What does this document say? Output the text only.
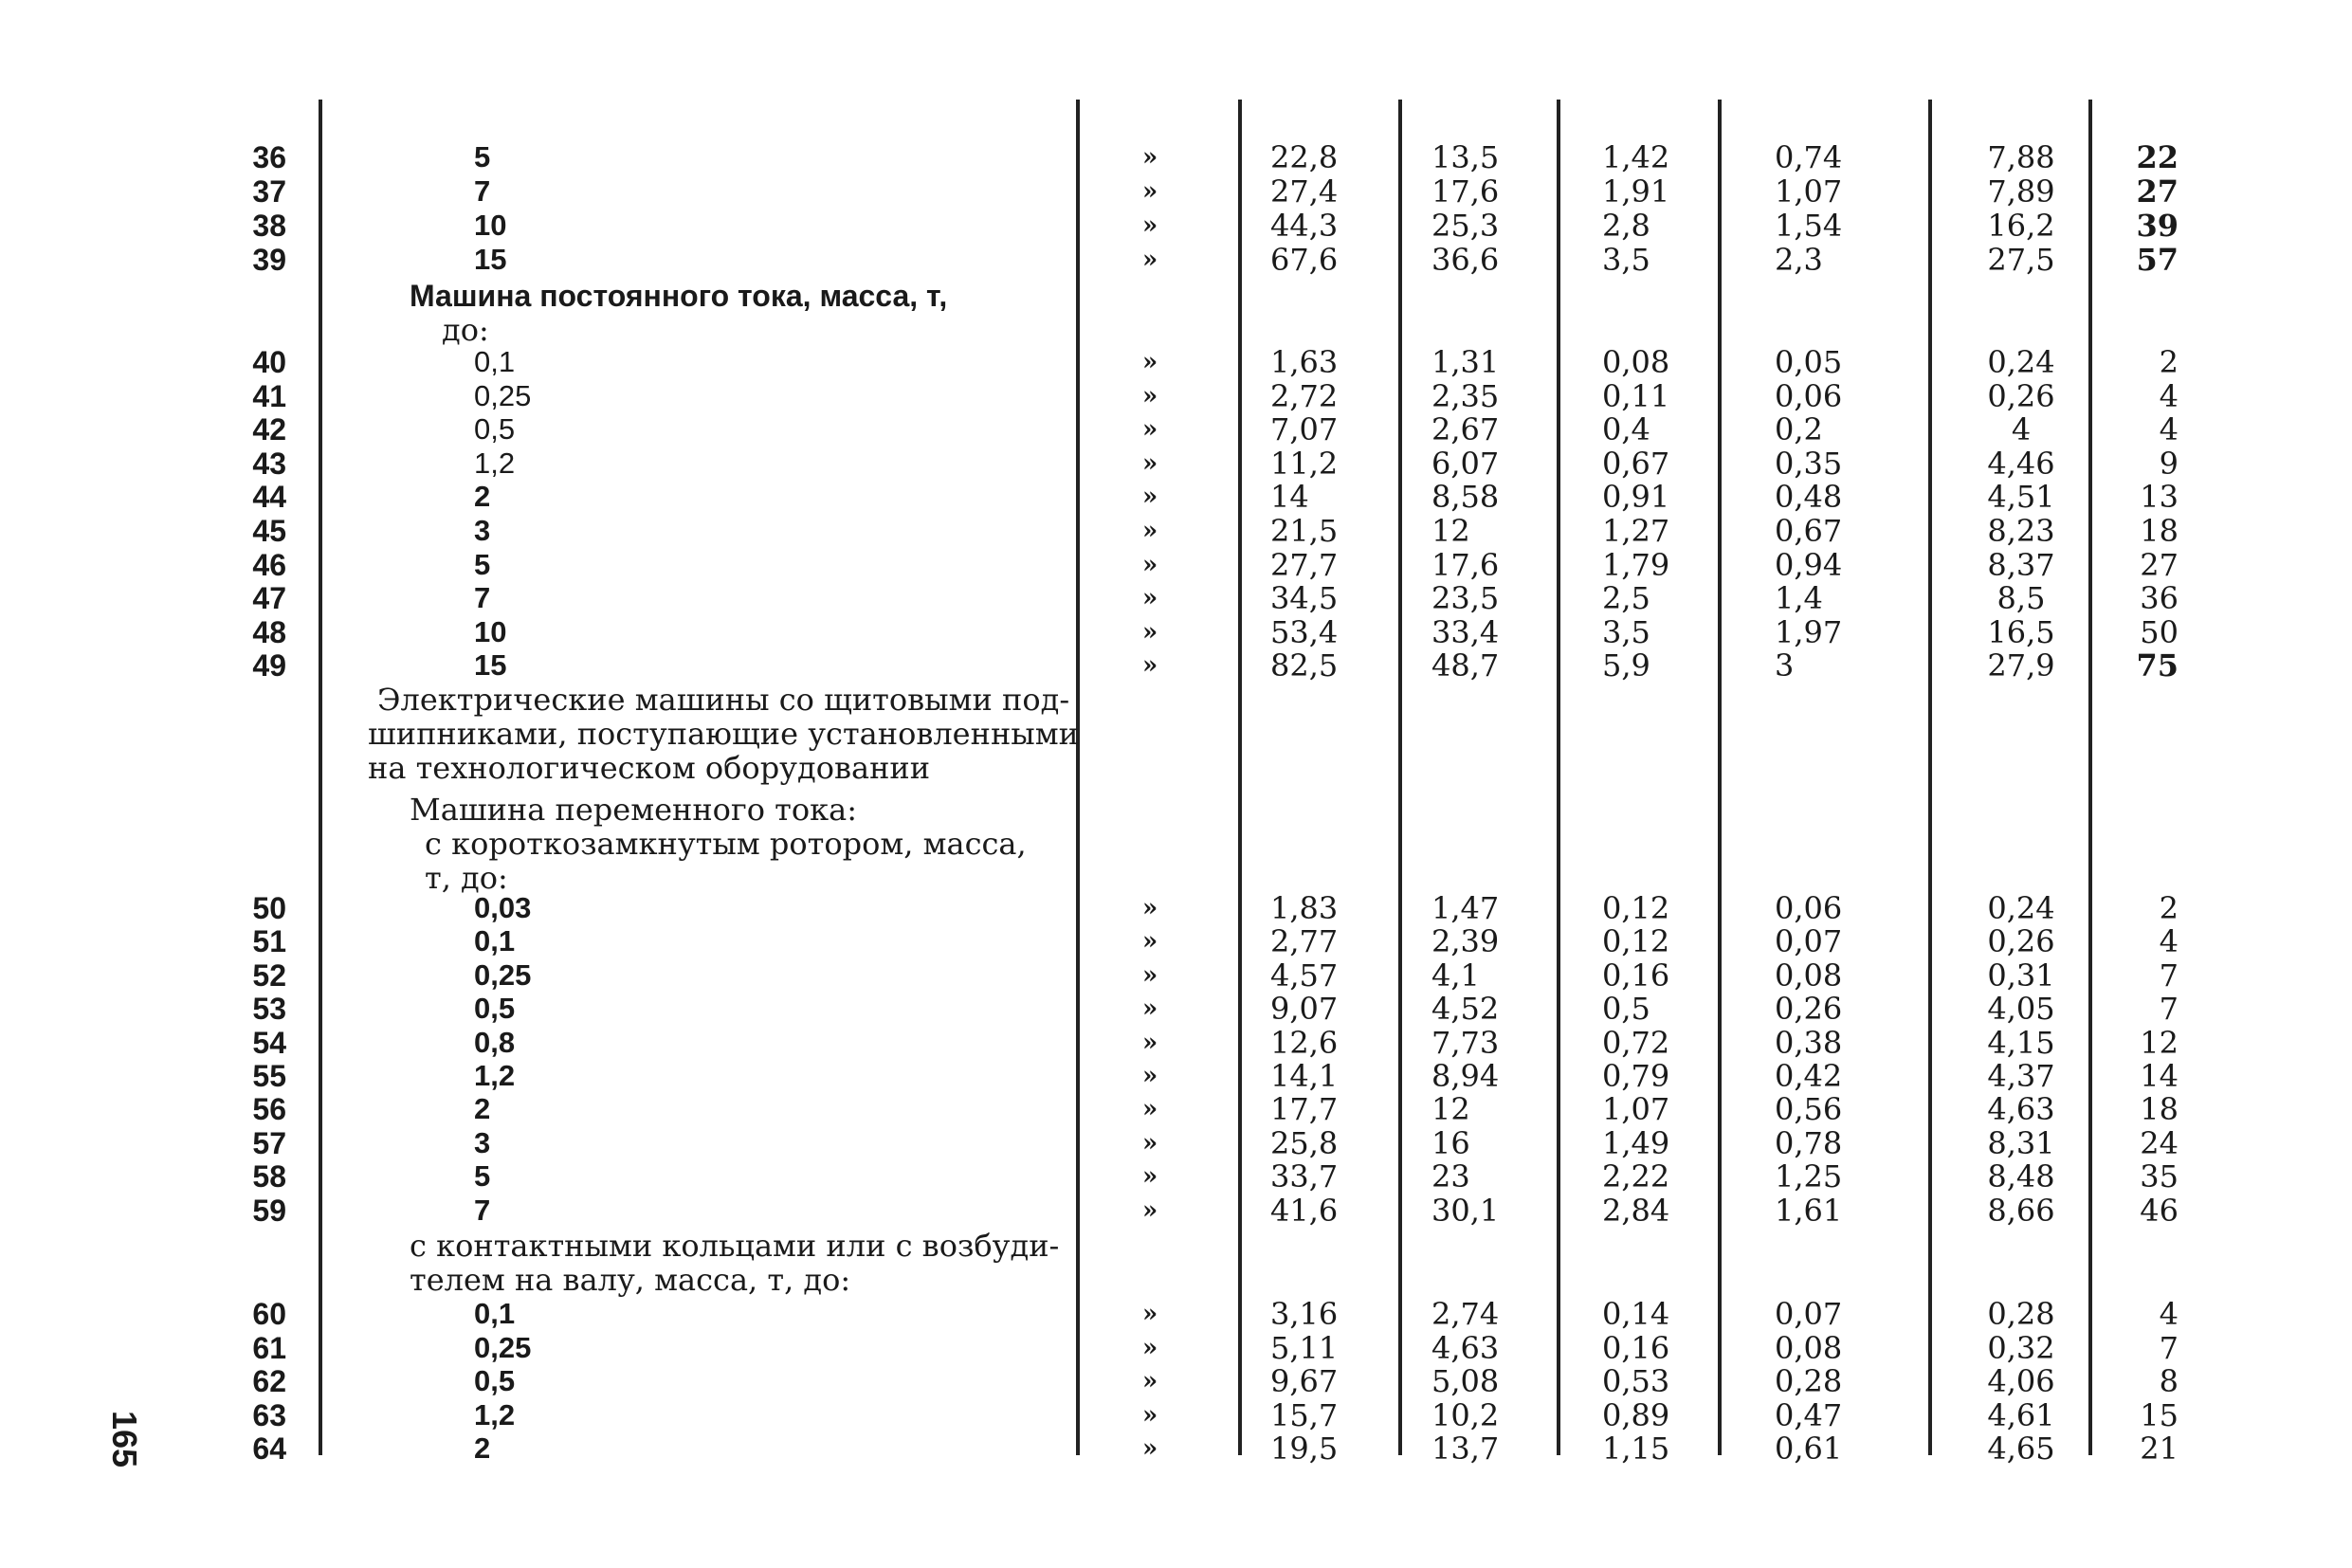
Машина постоянного тока, масса, т,
до:
Электрические машины со щитовыми под-
шипниками, поступающие установленными
на технологическом оборудовании
Машина переменного тока:
с короткозамкнутым ротором, масса,
т, до:
с контактными кольцами или с возбуди-
телем на валу, масса, т, до:
36	5	»	22,8	13,5	1,42	0,74	7,88	22
37	7	»	27,4	17,6	1,91	1,07	7,89	27
38	10	»	44,3	25,3	2,8	1,54	16,2	39
39	15	»	67,6	36,6	3,5	2,3	27,5	57
40	0,1	»	1,63	1,31	0,08	0,05	0,24	2
41	0,25	»	2,72	2,35	0,11	0,06	0,26	4
42	0,5	»	7,07	2,67	0,4	0,2	4	4
43	1,2	»	11,2	6,07	0,67	0,35	4,46	9
44	2	»	14	8,58	0,91	0,48	4,51	13
45	3	»	21,5	12	1,27	0,67	8,23	18
46	5	»	27,7	17,6	1,79	0,94	8,37	27
47	7	»	34,5	23,5	2,5	1,4	8,5	36
48	10	»	53,4	33,4	3,5	1,97	16,5	50
49	15	»	82,5	48,7	5,9	3	27,9	75
50	0,03	»	1,83	1,47	0,12	0,06	0,24	2
51	0,1	»	2,77	2,39	0,12	0,07	0,26	4
52	0,25	»	4,57	4,1	0,16	0,08	0,31	7
53	0,5	»	9,07	4,52	0,5	0,26	4,05	7
54	0,8	»	12,6	7,73	0,72	0,38	4,15	12
55	1,2	»	14,1	8,94	0,79	0,42	4,37	14
56	2	»	17,7	12	1,07	0,56	4,63	18
57	3	»	25,8	16	1,49	0,78	8,31	24
58	5	»	33,7	23	2,22	1,25	8,48	35
59	7	»	41,6	30,1	2,84	1,61	8,66	46
60	0,1	»	3,16	2,74	0,14	0,07	0,28	4
61	0,25	»	5,11	4,63	0,16	0,08	0,32	7
62	0,5	»	9,67	5,08	0,53	0,28	4,06	8
63	1,2	»	15,7	10,2	0,89	0,47	4,61	15
64	2	»	19,5	13,7	1,15	0,61	4,65	21
165
